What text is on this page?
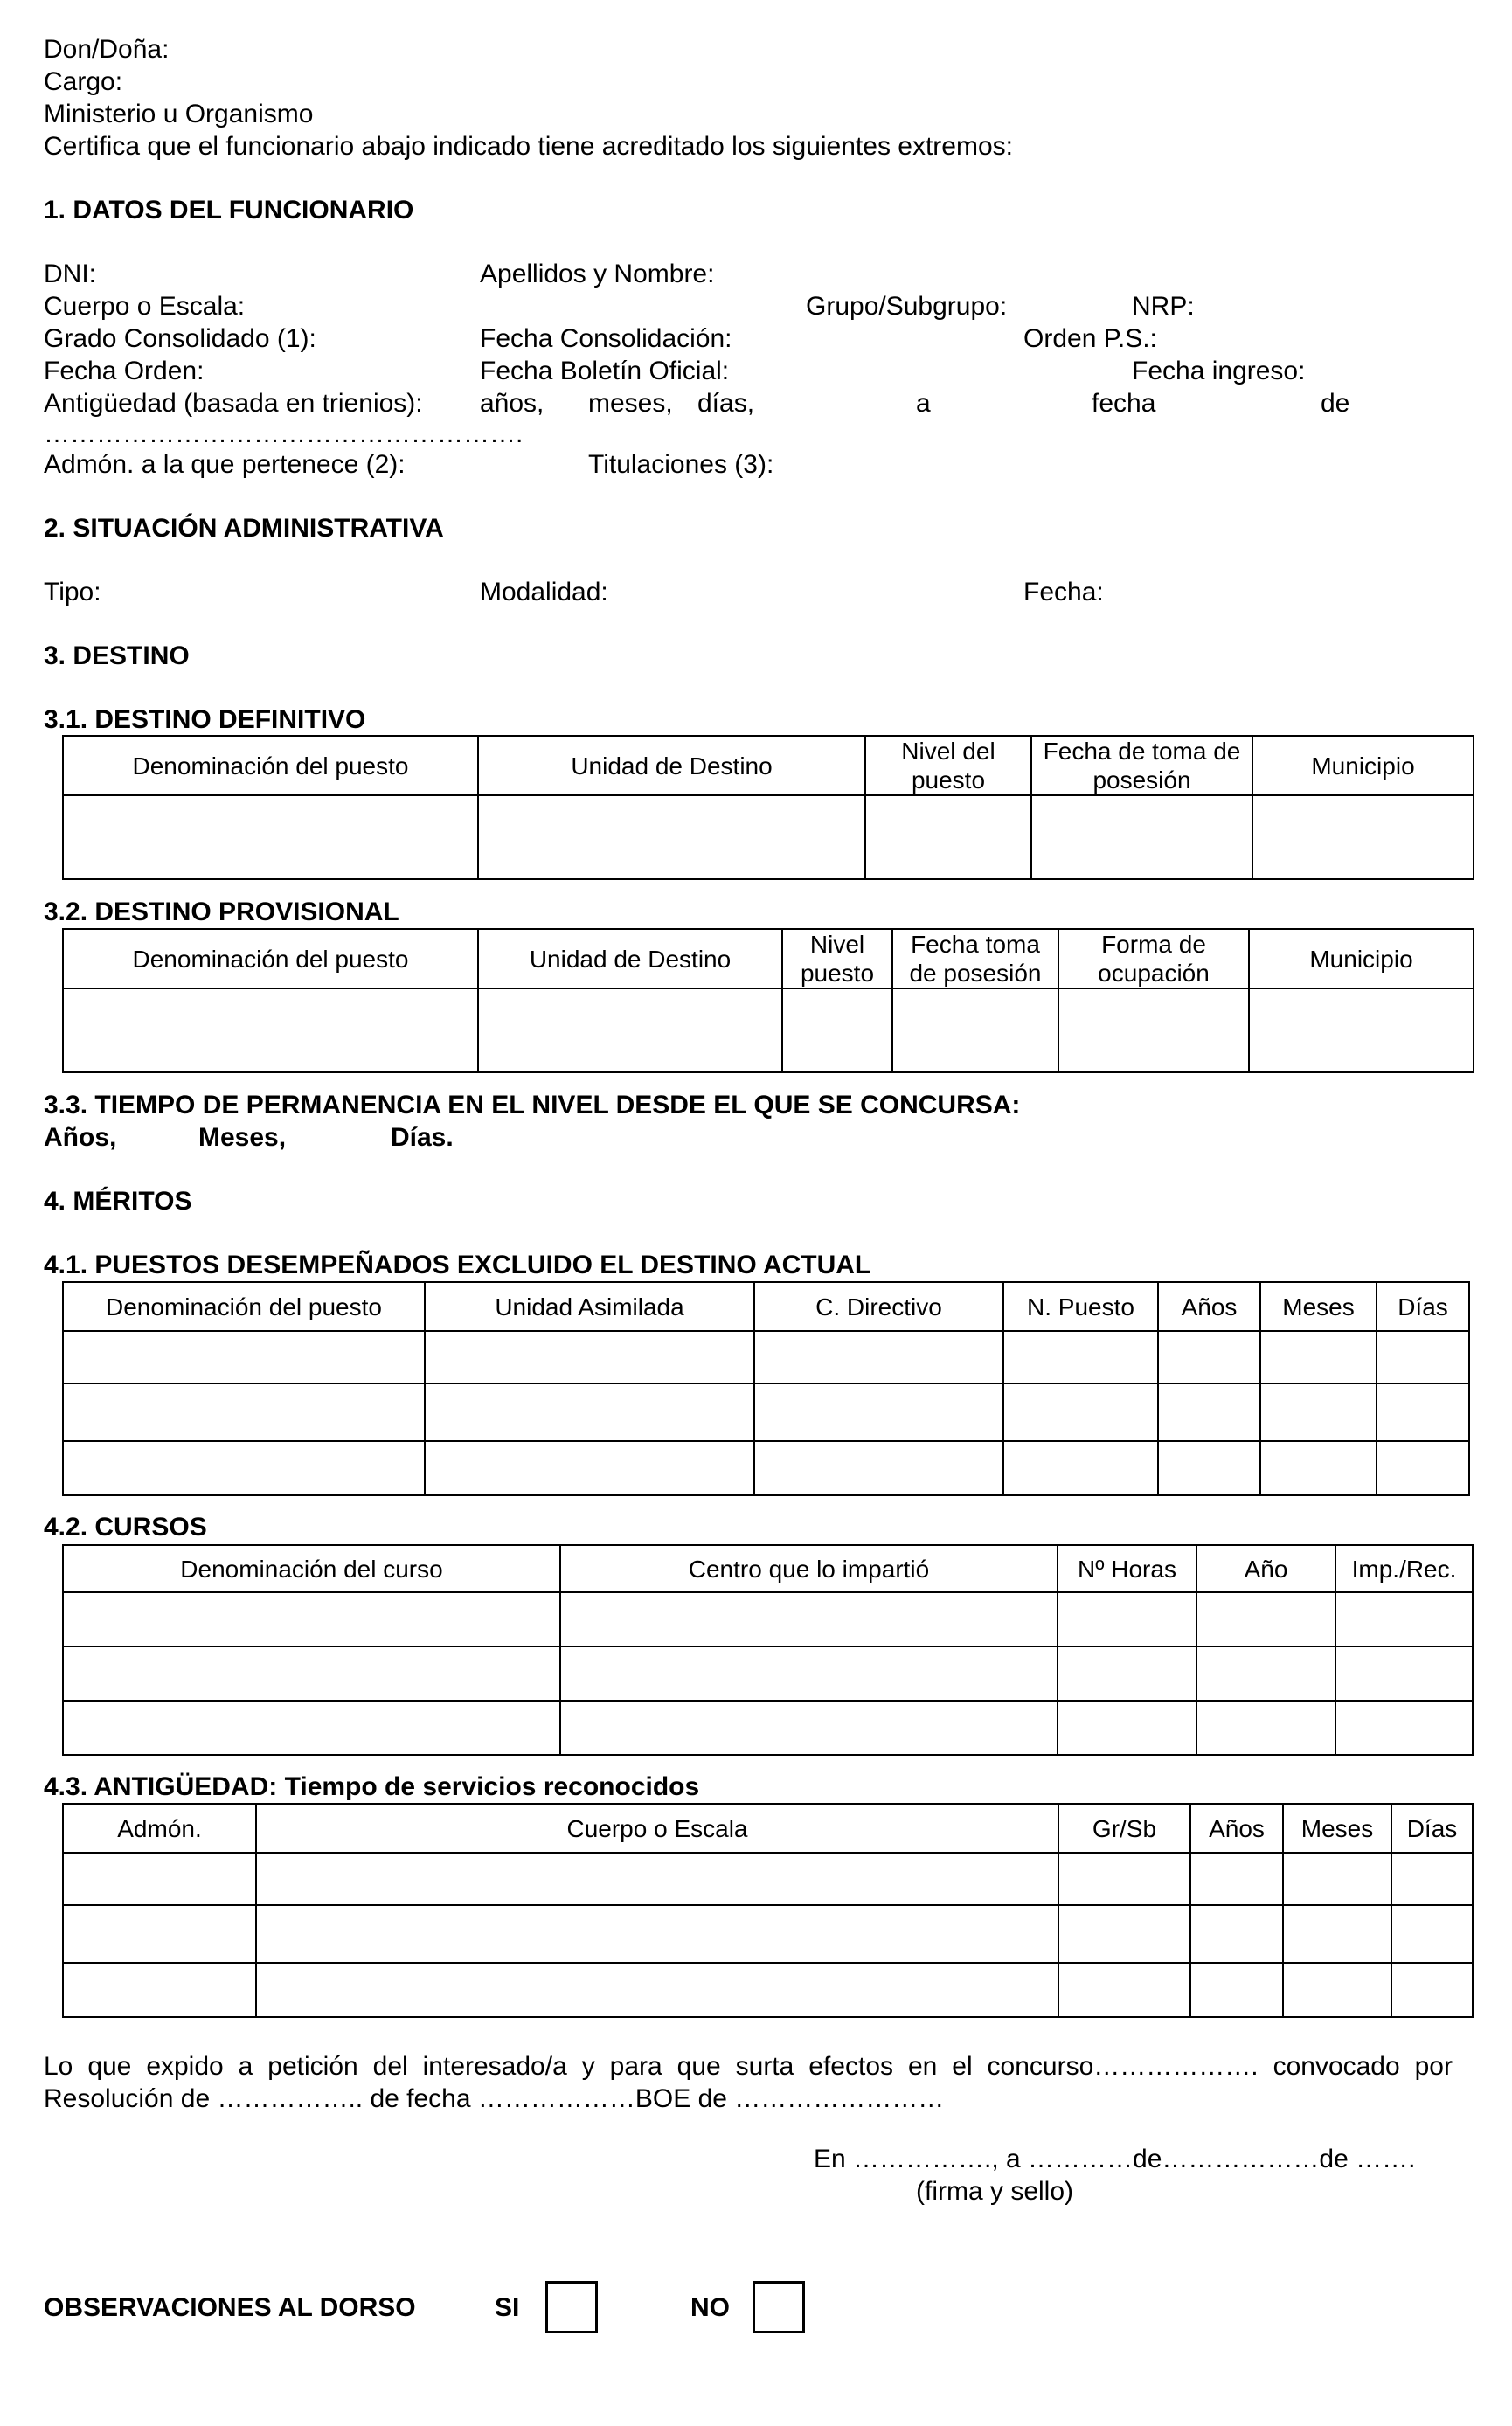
Don/Doña:
Cargo:
Ministerio u Organismo
Certifica que el funcionario abajo indicado tiene acreditado los siguientes extremos:
1. DATOS DEL FUNCIONARIO
DNI:	Apellidos y Nombre:
Cuerpo o Escala:	Grupo/Subgrupo:	NRP:
Grado Consolidado (1):	Fecha Consolidación:	Orden P.S.:
Fecha Orden:	Fecha Boletín Oficial:	Fecha ingreso:
Antigüedad (basada en trienios): años, meses, días,	a	fecha	de
……………………………………………….
Admón. a la que pertenece (2):	Titulaciones (3):
2. SITUACIÓN ADMINISTRATIVA
Tipo:	Modalidad:	Fecha:
3. DESTINO
3.1. DESTINO DEFINITIVO
Denominación del puesto	Unidad de Destino	Nivel del puesto	Fecha de toma de posesión	Municipio

3.2. DESTINO PROVISIONAL
Denominación del puesto	Unidad de Destino	Nivel puesto	Fecha toma de posesión	Forma de ocupación	Municipio

3.3. TIEMPO DE PERMANENCIA EN EL NIVEL DESDE EL QUE SE CONCURSA:
Años,	Meses,	Días.
4. MÉRITOS
4.1. PUESTOS DESEMPEÑADOS EXCLUIDO EL DESTINO ACTUAL
Denominación del puesto	Unidad Asimilada	C. Directivo	N. Puesto	Años	Meses	Días

4.2. CURSOS
Denominación del curso	Centro que lo impartió	Nº Horas	Año	Imp./Rec.

4.3. ANTIGÜEDAD: Tiempo de servicios reconocidos
Admón.	Cuerpo o Escala	Gr/Sb	Años	Meses	Días

Lo que expido a petición del interesado/a y para que surta efectos en el concurso………………. convocado por Resolución de …………….. de fecha ………………BOE de ……………………
En ……………., a …………de………………de …….
(firma y sello)
OBSERVACIONES AL DORSO	SI	NO
